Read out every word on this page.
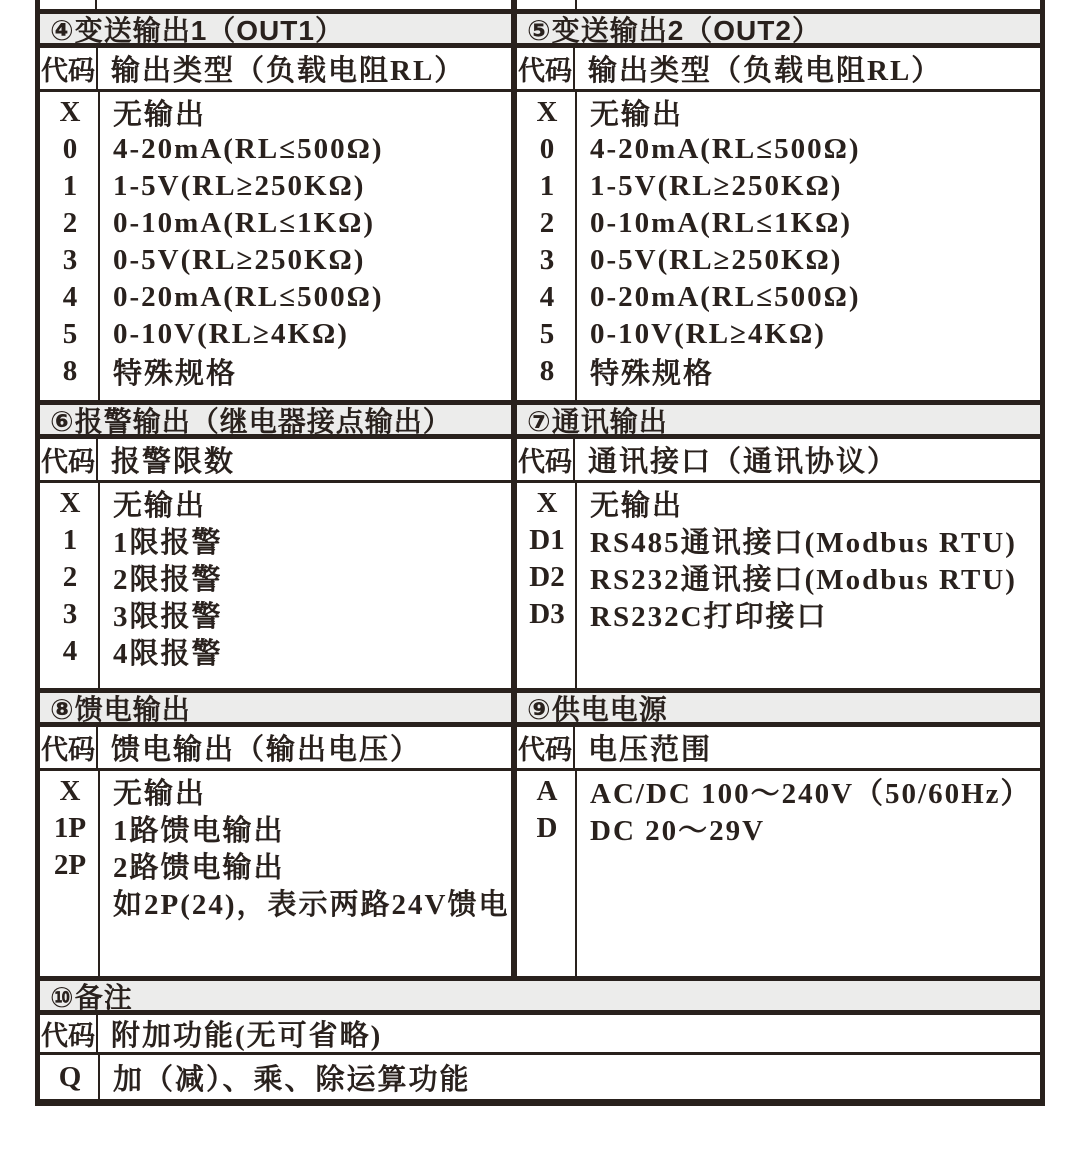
④变送输出1（OUT1）
代码 输出类型（负载电阻RL）
X	无输出
0	4-20mA(RL≤500Ω)
1	1-5V(RL≥250KΩ)
2	0-10mA(RL≤1KΩ)
3	0-5V(RL≥250KΩ)
4	0-20mA(RL≤500Ω)
5	0-10V(RL≥4KΩ)
8	特殊规格
⑤变送输出2（OUT2）
代码 输出类型（负载电阻RL）
X	无输出
0	4-20mA(RL≤500Ω)
1	1-5V(RL≥250KΩ)
2	0-10mA(RL≤1KΩ)
3	0-5V(RL≥250KΩ)
4	0-20mA(RL≤500Ω)
5	0-10V(RL≥4KΩ)
8	特殊规格
⑥报警输出（继电器接点输出）
代码 报警限数
X	无输出
1	1限报警
2	2限报警
3	3限报警
4	4限报警
⑦通讯输出
代码 通讯接口（通讯协议）
X	无输出
D1 RS485通讯接口(Modbus RTU)
D2 RS232通讯接口(Modbus RTU)
D3 RS232C打印接口
⑧馈电输出
代码 馈电输出（输出电压）
X	无输出
1P 1路馈电输出
2P 2路馈电输出
如2P(24)，表示两路24V馈电
⑨供电电源
代码 电压范围
A	AC/DC 100～240V（50/60Hz）
D	DC 20～29V
⑩备注
代码 附加功能(无可省略)
Q	加（减）、乘、除运算功能
